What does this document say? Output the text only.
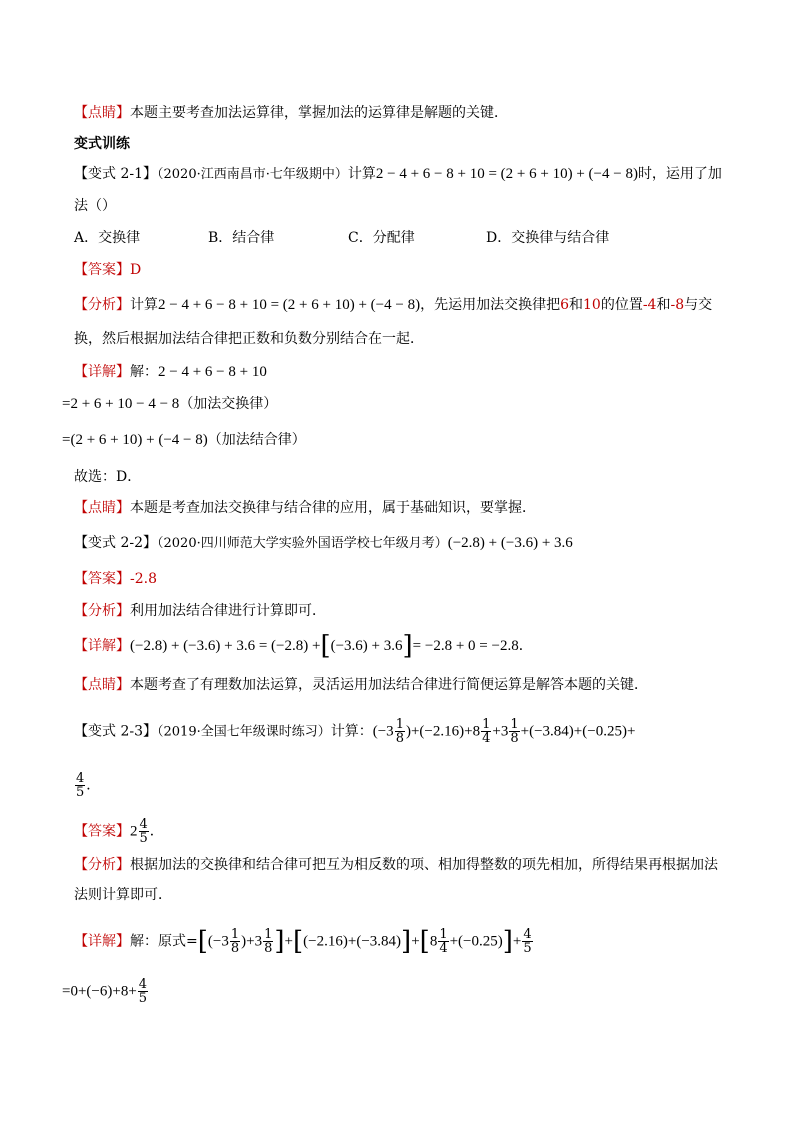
【点睛】本题主要考查加法运算律，掌握加法的运算律是解题的关键．
变式训练
【变式 2-1】（2020·江西南昌市·七年级期中）计算2 − 4 + 6 − 8 + 10 = (2 + 6 + 10) + (−4 − 8)时，运用了加
法（）
A．交换律	B．结合律	C．分配律	D．交换律与结合律
【答案】D
【分析】计算2 − 4 + 6 − 8 + 10 = (2 + 6 + 10) + (−4 − 8)，先运用加法交换律把6和10的位置-4和-8与交
换，然后根据加法结合律把正数和负数分别结合在一起．
【详解】解：2 − 4 + 6 − 8 + 10
=2 + 6 + 10 − 4 − 8（加法交换律）
=(2 + 6 + 10) + (−4 − 8)（加法结合律）
故选：D．
【点睛】本题是考查加法交换律与结合律的应用，属于基础知识，要掌握．
【变式 2-2】（2020·四川师范大学实验外国语学校七年级月考）(−2.8) + (−3.6) + 3.6
【答案】-2.8
【分析】利用加法结合律进行计算即可．
【详解】(−2.8) + (−3.6) + 3.6 = (−2.8) +[(−3.6) + 3.6]= −2.8 + 0 = −2.8．
【点睛】本题考查了有理数加法运算，灵活运用加法结合律进行简便运算是解答本题的关键．
【变式 2-3】（2019·全国七年级课时练习）计算：$(-3 \frac{1}{8} )+(-2.16)+8 \frac{1}{4} +3 \frac{1}{8} +(-3.84)+(-0.25)+$
$\frac{4}{5}$ ．
【答案】$2 \frac{4}{5}$ ．
【分析】根据加法的交换律和结合律可把互为相反数的项、相加得整数的项先相加，所得结果再根据加法
法则计算即可．
【详解】解：原式$=[(-3 \frac{1}{8} )+3 \frac{1}{8} ]+[(-2.16)+(-3.84)]+[8 \frac{1}{4} +(-0.25)]+ \frac{4}{5}$
$=0+(-6)+8+ \frac{4}{5}$
